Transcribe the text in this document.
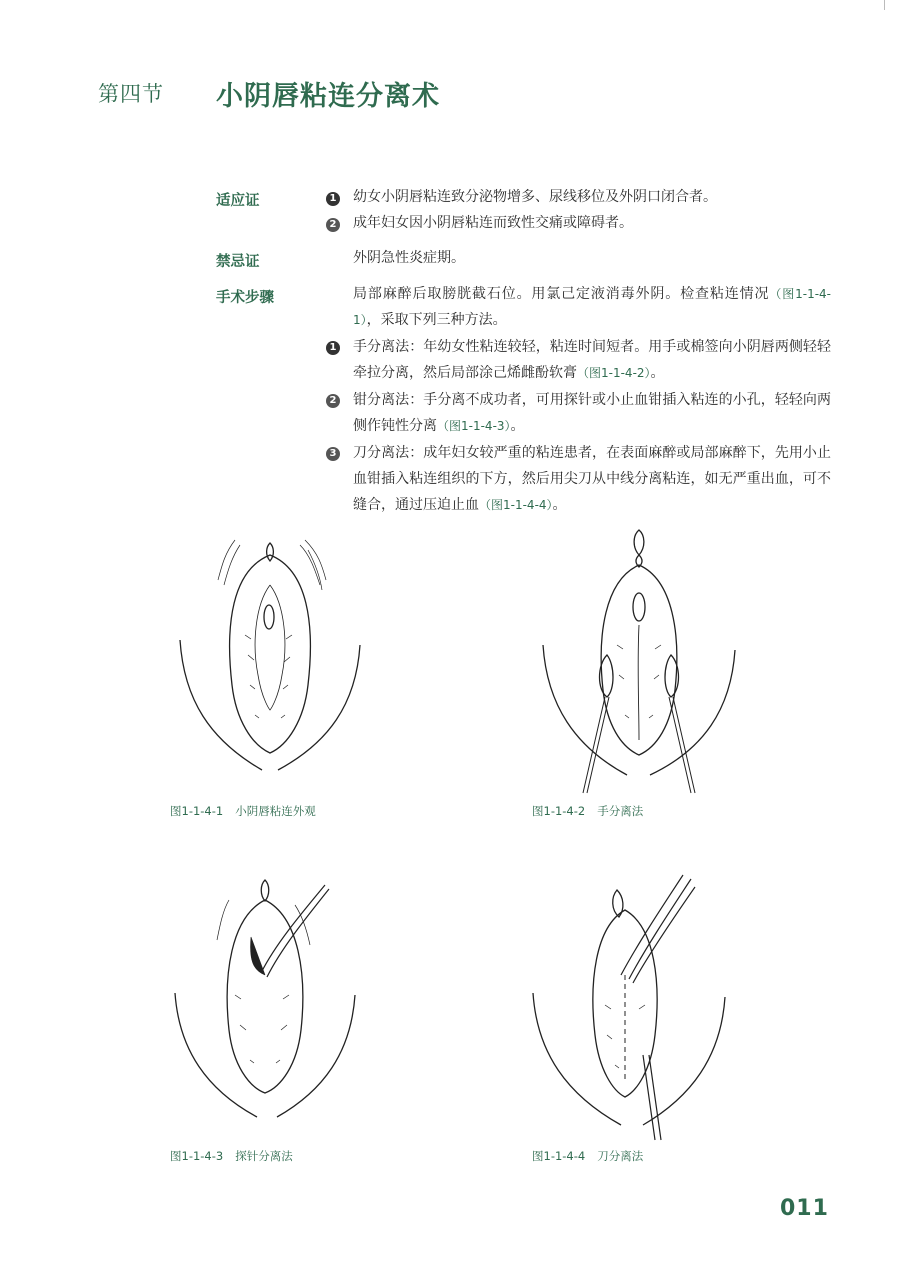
第四节 小阴唇粘连分离术
适应证	1 幼女小阴唇粘连致分泌物增多、尿线移位及外阴口闭合者。
2 成年妇女因小阴唇粘连而致性交痛或障碍者。
禁忌证	外阴急性炎症期。
手术步骤	局部麻醉后取膀胱截石位。用氯己定液消毒外阴。检查粘连情况（图1-1-4-1），采取下列三种方法。
1 手分离法：年幼女性粘连较轻，粘连时间短者。用手或棉签向小阴唇两侧轻轻牵拉分离，然后局部涂己烯雌酚软膏（图1-1-4-2）。
2 钳分离法：手分离不成功者，可用探针或小止血钳插入粘连的小孔，轻轻向两侧作钝性分离（图1-1-4-3）。
3 刀分离法：成年妇女较严重的粘连患者，在表面麻醉或局部麻醉下，先用小止血钳插入粘连组织的下方，然后用尖刀从中线分离粘连，如无严重出血，可不缝合，通过压迫止血（图1-1-4-4）。
图1-1-4-1 小阴唇粘连外观	图1-1-4-2 手分离法
图1-1-4-3 探针分离法	图1-1-4-4 刀分离法
011
